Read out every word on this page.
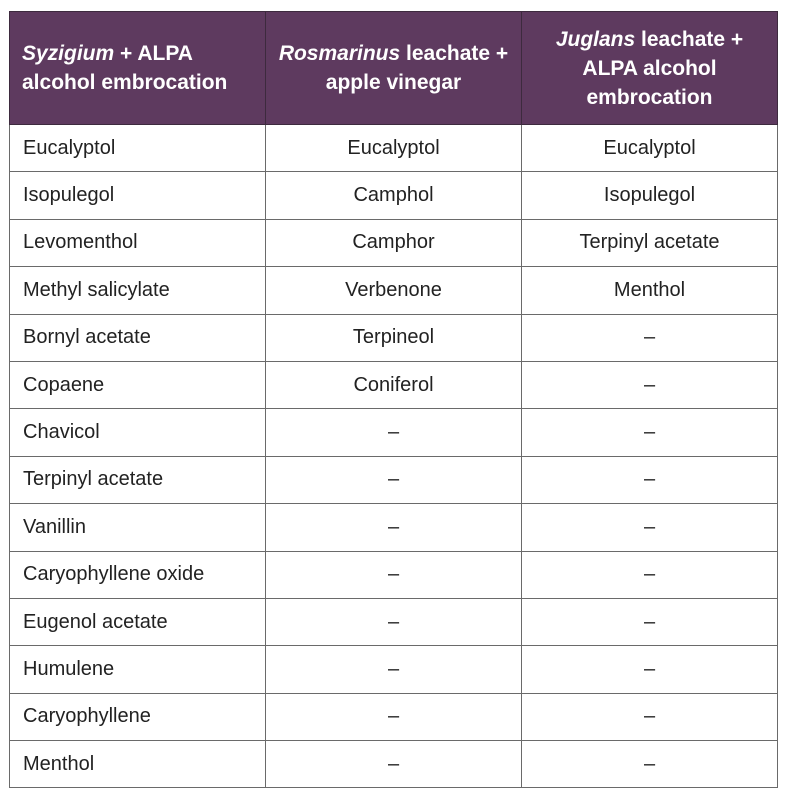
Syzigium + ALPA alcohol embrocation	Rosmarinus leachate + apple vinegar	Juglans leachate + ALPA alcohol embrocation
Eucalyptol	Eucalyptol	Eucalyptol
Isopulegol	Camphol	Isopulegol
Levomenthol	Camphor	Terpinyl acetate
Methyl salicylate	Verbenone	Menthol
Bornyl acetate	Terpineol	–
Copaene	Coniferol	–
Chavicol	–	–
Terpinyl acetate	–	–
Vanillin	–	–
Caryophyllene oxide	–	–
Eugenol acetate	–	–
Humulene	–	–
Caryophyllene	–	–
Menthol	–	–
